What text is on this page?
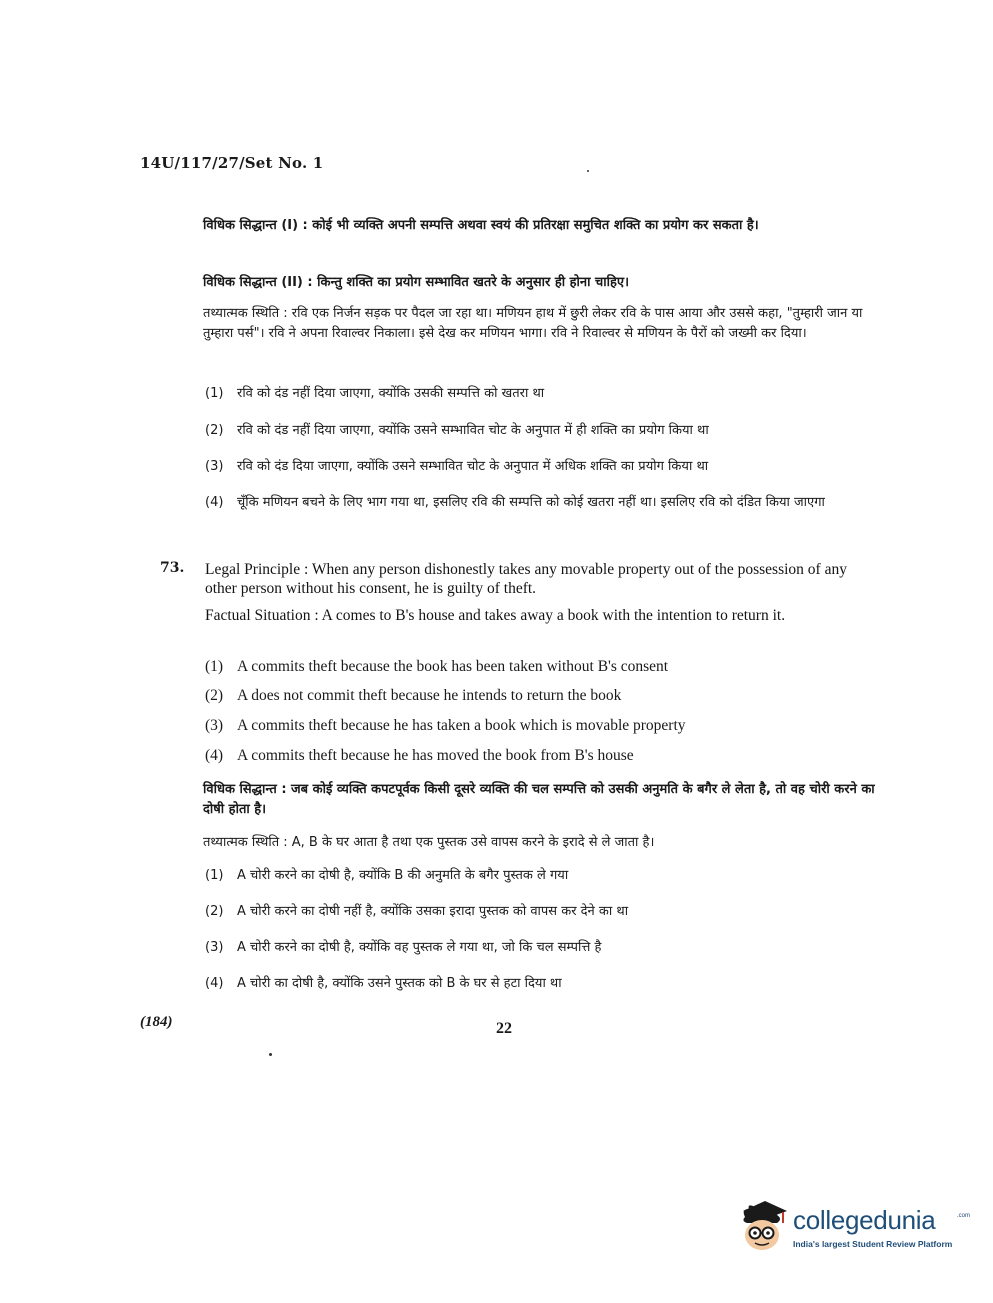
14U/117/27/Set No. 1
विधिक सिद्धान्त (I) : कोई भी व्यक्ति अपनी सम्पत्ति अथवा स्वयं की प्रतिरक्षा समुचित शक्ति का प्रयोग कर सकता है।
विधिक सिद्धान्त (II) : किन्तु शक्ति का प्रयोग सम्भावित खतरे के अनुसार ही होना चाहिए।
तथ्यात्मक स्थिति : रवि एक निर्जन सड़क पर पैदल जा रहा था। मणियन हाथ में छुरी लेकर रवि के पास आया और उससे कहा, "तुम्हारी जान या तुम्हारा पर्स"। रवि ने अपना रिवाल्वर निकाला। इसे देख कर मणियन भागा। रवि ने रिवाल्वर से मणियन के पैरों को जख्मी कर दिया।
(1) रवि को दंड नहीं दिया जाएगा, क्योंकि उसकी सम्पत्ति को खतरा था
(2) रवि को दंड नहीं दिया जाएगा, क्योंकि उसने सम्भावित चोट के अनुपात में ही शक्ति का प्रयोग किया था
(3) रवि को दंड दिया जाएगा, क्योंकि उसने सम्भावित चोट के अनुपात में अधिक शक्ति का प्रयोग किया था
(4) चूँकि मणियन बचने के लिए भाग गया था, इसलिए रवि की सम्पत्ति को कोई खतरा नहीं था। इसलिए रवि को दंडित किया जाएगा
73. Legal Principle : When any person dishonestly takes any movable property out of the possession of any other person without his consent, he is guilty of theft.
Factual Situation : A comes to B's house and takes away a book with the intention to return it.
(1) A commits theft because the book has been taken without B's consent
(2) A does not commit theft because he intends to return the book
(3) A commits theft because he has taken a book which is movable property
(4) A commits theft because he has moved the book from B's house
विधिक सिद्धान्त : जब कोई व्यक्ति कपटपूर्वक किसी दूसरे व्यक्ति की चल सम्पत्ति को उसकी अनुमति के बगैर ले लेता है, तो वह चोरी करने का दोषी होता है।
तथ्यात्मक स्थिति : A, B के घर आता है तथा एक पुस्तक उसे वापस करने के इरादे से ले जाता है।
(1) A चोरी करने का दोषी है, क्योंकि B की अनुमति के बगैर पुस्तक ले गया
(2) A चोरी करने का दोषी नहीं है, क्योंकि उसका इरादा पुस्तक को वापस कर देने का था
(3) A चोरी करने का दोषी है, क्योंकि वह पुस्तक ले गया था, जो कि चल सम्पत्ति है
(4) A चोरी का दोषी है, क्योंकि उसने पुस्तक को B के घर से हटा दिया था
(184)	22
collegedunia	.com
India's largest Student Review Platform
